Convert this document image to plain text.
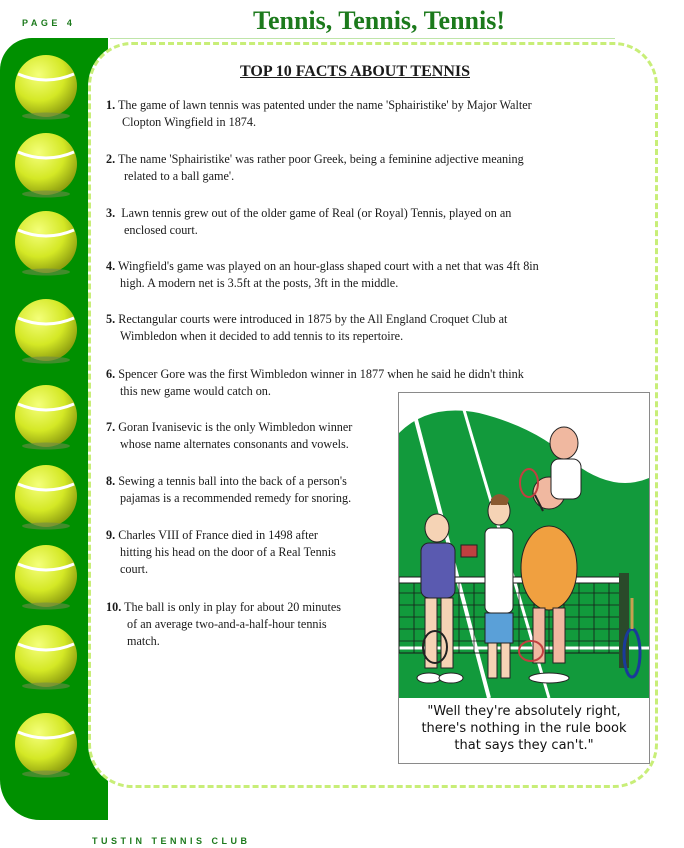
PAGE 4	Tennis, Tennis, Tennis!
TOP 10 FACTS ABOUT TENNIS
1. The game of lawn tennis was patented under the name 'Sphairistike' by Major Walter
Clopton Wingfield in 1874.
2. The name 'Sphairistike' was rather poor Greek, being a feminine adjective meaning
related to a ball game'.
3. Lawn tennis grew out of the older game of Real (or Royal) Tennis, played on an
enclosed court.
4. Wingfield's game was played on an hour-glass shaped court with a net that was 4ft 8in
high. A modern net is 3.5ft at the posts, 3ft in the middle.
5. Rectangular courts were introduced in 1875 by the All England Croquet Club at
Wimbledon when it decided to add tennis to its repertoire.
6. Spencer Gore was the first Wimbledon winner in 1877 when he said he didn't think
this new game would catch on.
7. Goran Ivanisevic is the only Wimbledon winner
whose name alternates consonants and vowels.
8. Sewing a tennis ball into the back of a person's
pajamas is a recommended remedy for snoring.
9. Charles VIII of France died in 1498 after
hitting his head on the door of a Real Tennis
court.
10. The ball is only in play for about 20 minutes
of an average two-and-a-half-hour tennis
match.
"Well they're absolutely right,
there's nothing in the rule book
that says they can't."
TUSTIN TENNIS CLUB
